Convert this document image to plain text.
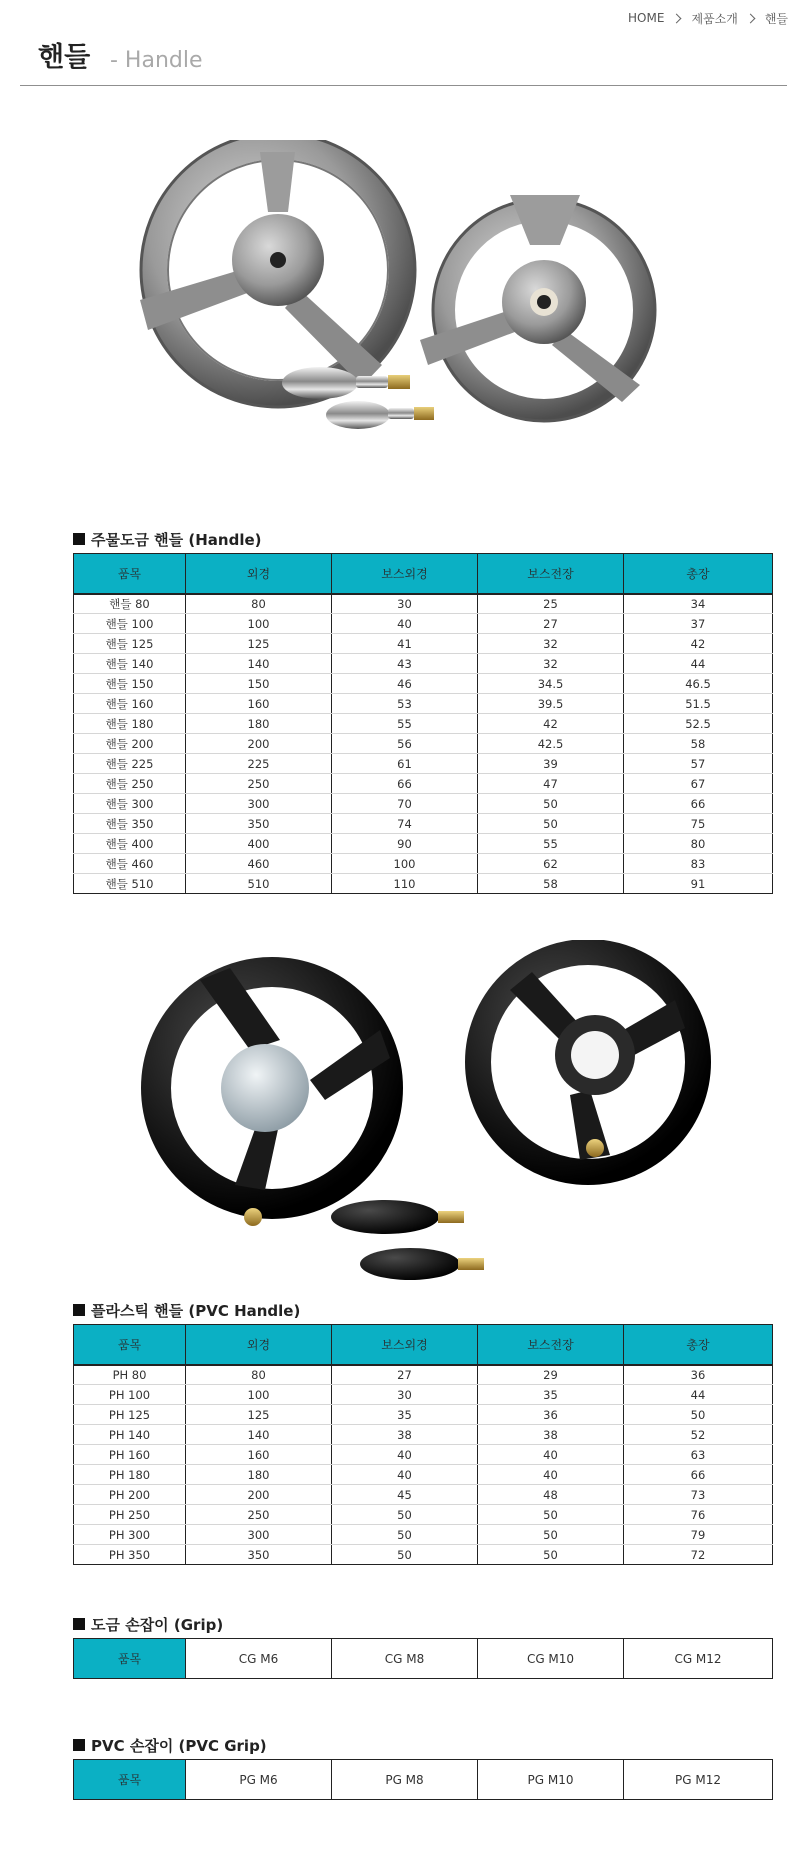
HOME 제품소개 핸들
핸들 - Handle
주물도금 핸들 (Handle)
품목	외경	보스외경	보스전장	총장
핸들 80	80	30	25	34
핸들 100	100	40	27	37
핸들 125	125	41	32	42
핸들 140	140	43	32	44
핸들 150	150	46	34.5	46.5
핸들 160	160	53	39.5	51.5
핸들 180	180	55	42	52.5
핸들 200	200	56	42.5	58
핸들 225	225	61	39	57
핸들 250	250	66	47	67
핸들 300	300	70	50	66
핸들 350	350	74	50	75
핸들 400	400	90	55	80
핸들 460	460	100	62	83
핸들 510	510	110	58	91
플라스틱 핸들 (PVC Handle)
품목	외경	보스외경	보스전장	총장
PH 80	80	27	29	36
PH 100	100	30	35	44
PH 125	125	35	36	50
PH 140	140	38	38	52
PH 160	160	40	40	63
PH 180	180	40	40	66
PH 200	200	45	48	73
PH 250	250	50	50	76
PH 300	300	50	50	79
PH 350	350	50	50	72
도금 손잡이 (Grip)
품목	CG M6	CG M8	CG M10	CG M12
PVC 손잡이 (PVC Grip)
품목	PG M6	PG M8	PG M10	PG M12
